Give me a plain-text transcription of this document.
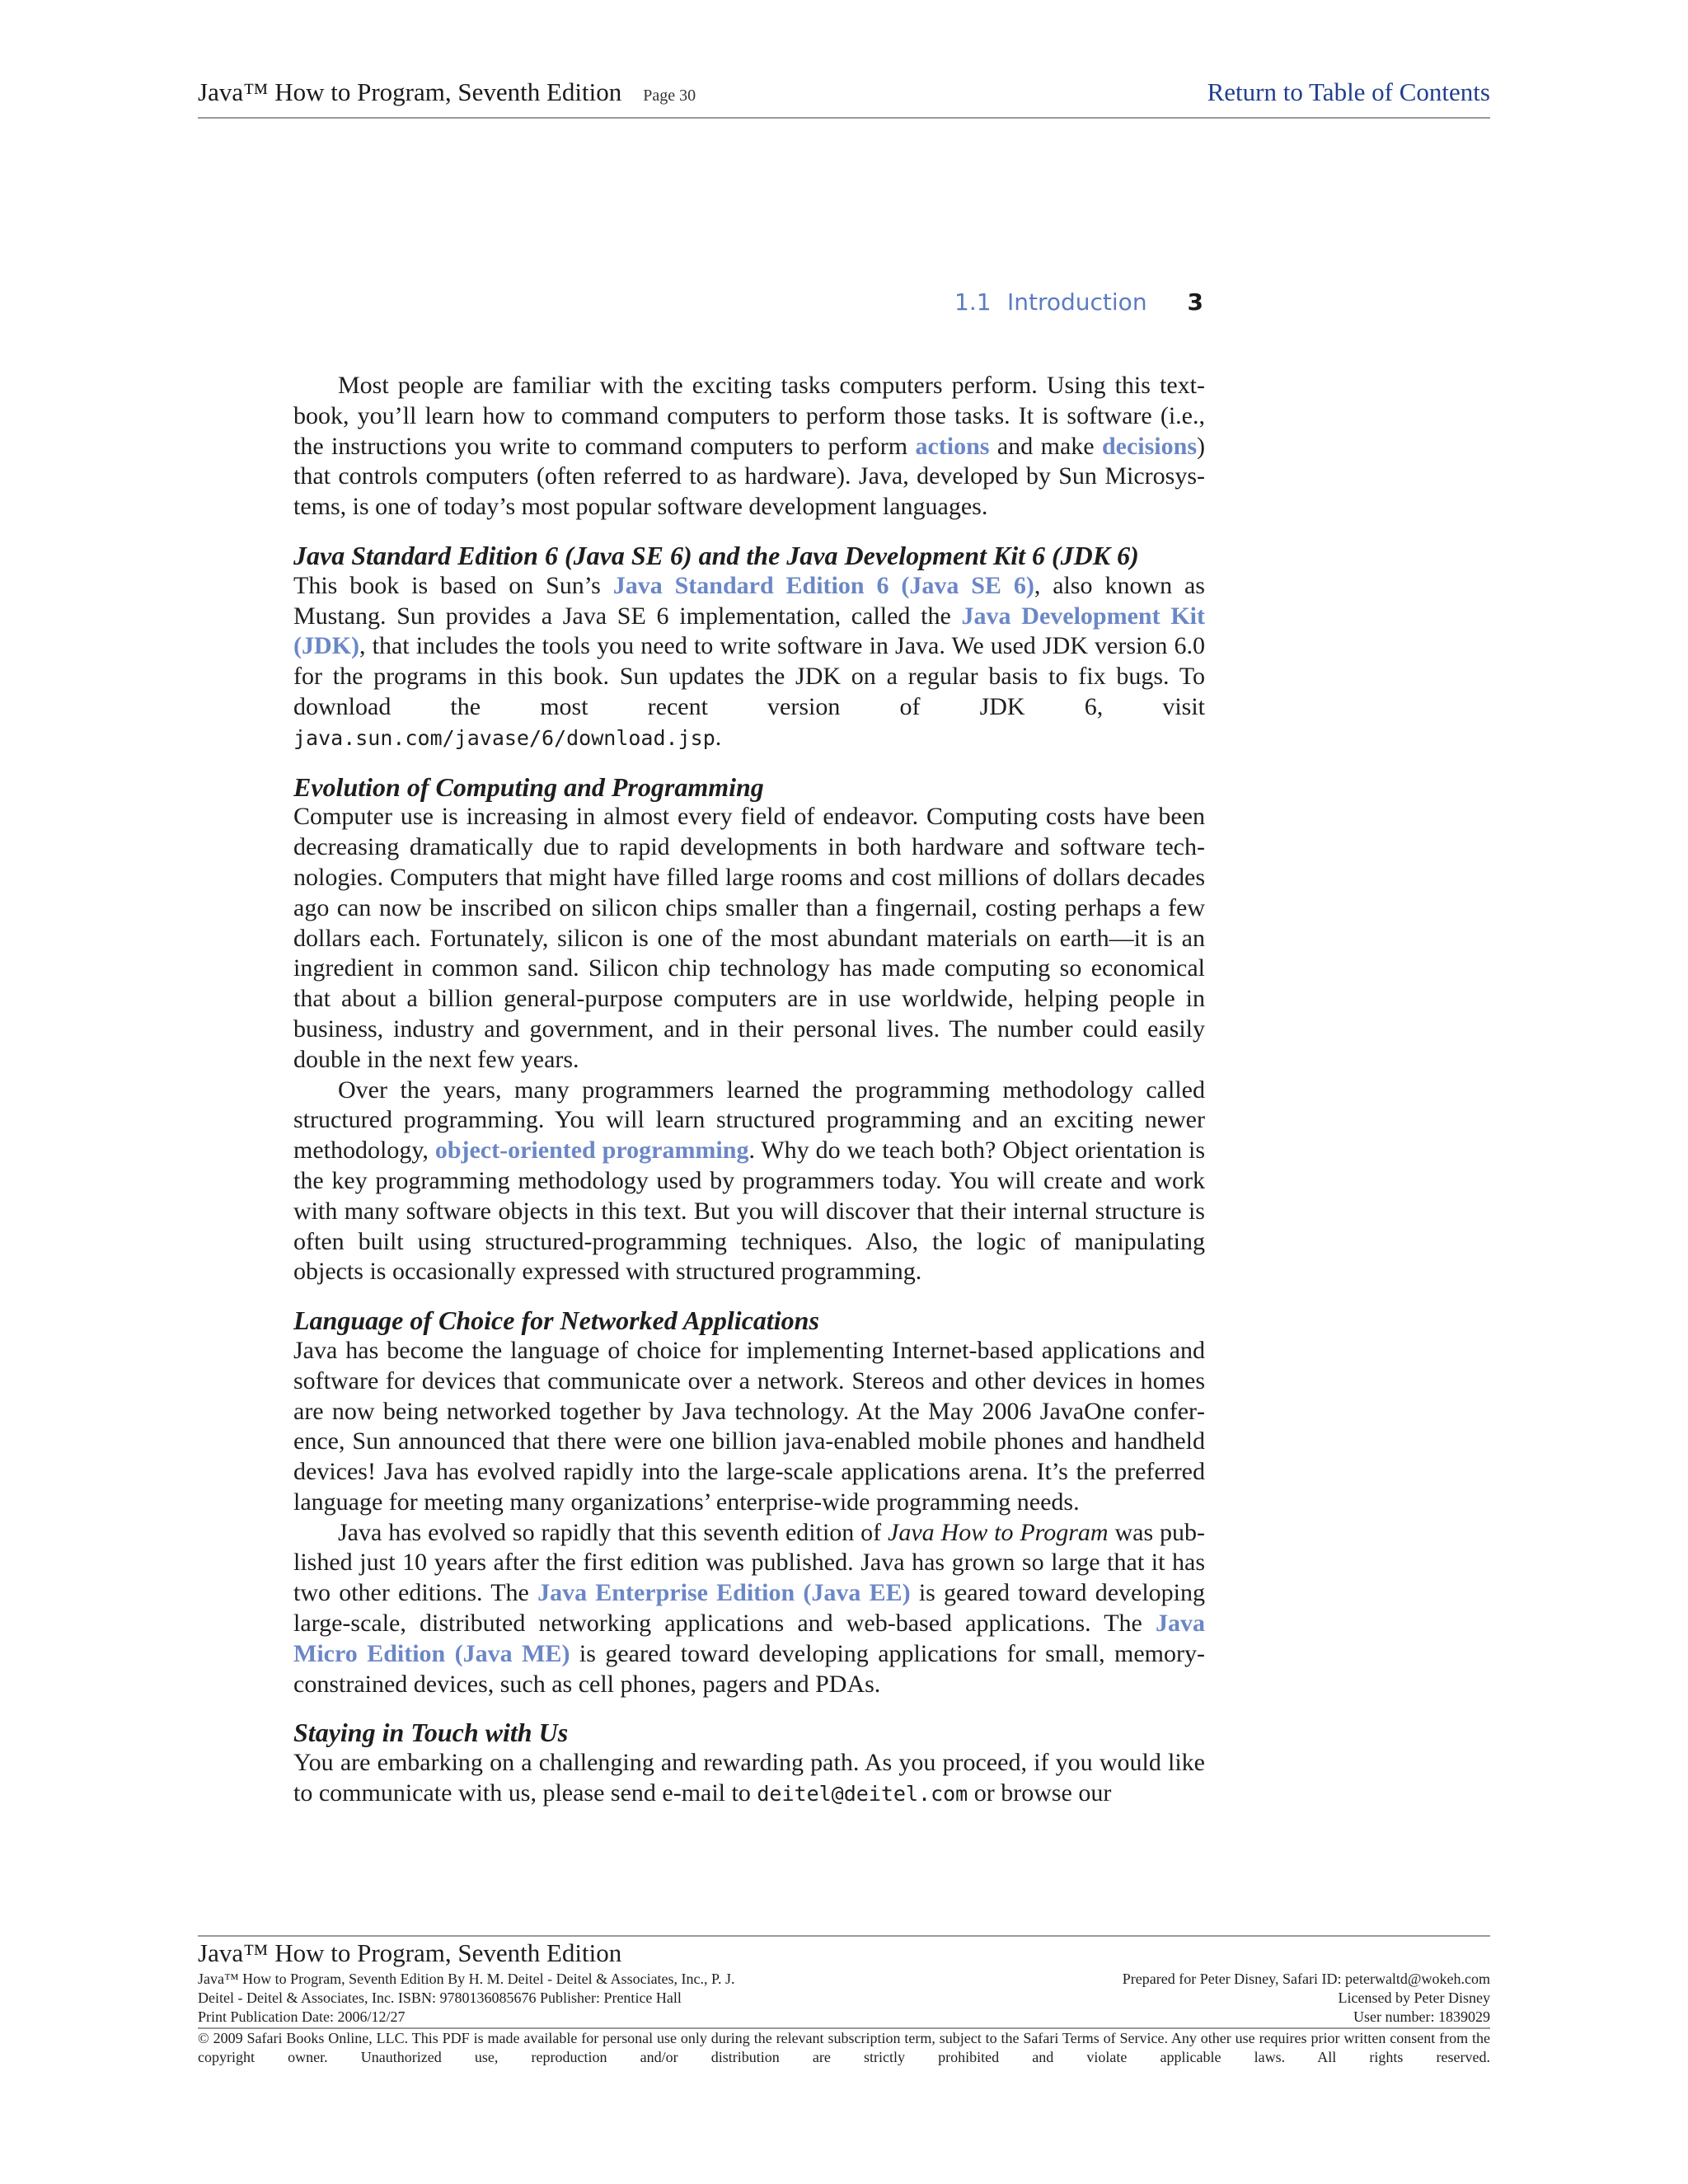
Java™ How to Program, Seventh Edition Page 30	Return to Table of Contents
1.1 Introduction 3

Most people are familiar with the exciting tasks computers perform. Using this textbook, you’ll learn how to command computers to perform those tasks. It is software (i.e., the instructions you write to command computers to perform actions and make decisions) that controls computers (often referred to as hardware). Java, developed by Sun Microsystems, is one of today’s most popular software development languages.

Java Standard Edition 6 (Java SE 6) and the Java Development Kit 6 (JDK 6)

This book is based on Sun’s Java Standard Edition 6 (Java SE 6), also known as Mustang. Sun provides a Java SE 6 implementation, called the Java Development Kit (JDK), that includes the tools you need to write software in Java. We used JDK version 6.0 for the programs in this book. Sun updates the JDK on a regular basis to fix bugs. To download the most recent version of JDK 6, visit java.sun.com/javase/6/download.jsp.

Evolution of Computing and Programming

Computer use is increasing in almost every field of endeavor. Computing costs have been decreasing dramatically due to rapid developments in both hardware and software technologies. Computers that might have filled large rooms and cost millions of dollars decades ago can now be inscribed on silicon chips smaller than a fingernail, costing perhaps a few dollars each. Fortunately, silicon is one of the most abundant materials on earth—it is an ingredient in common sand. Silicon chip technology has made computing so economical that about a billion general-purpose computers are in use worldwide, helping people in business, industry and government, and in their personal lives. The number could easily double in the next few years.

Over the years, many programmers learned the programming methodology called structured programming. You will learn structured programming and an exciting newer methodology, object-oriented programming. Why do we teach both? Object orientation is the key programming methodology used by programmers today. You will create and work with many software objects in this text. But you will discover that their internal structure is often built using structured-programming techniques. Also, the logic of manipulating objects is occasionally expressed with structured programming.

Language of Choice for Networked Applications

Java has become the language of choice for implementing Internet-based applications and software for devices that communicate over a network. Stereos and other devices in homes are now being networked together by Java technology. At the May 2006 JavaOne conference, Sun announced that there were one billion java-enabled mobile phones and handheld devices! Java has evolved rapidly into the large-scale applications arena. It’s the preferred language for meeting many organizations’ enterprise-wide programming needs.

Java has evolved so rapidly that this seventh edition of Java How to Program was published just 10 years after the first edition was published. Java has grown so large that it has two other editions. The Java Enterprise Edition (Java EE) is geared toward developing large-scale, distributed networking applications and web-based applications. The Java Micro Edition (Java ME) is geared toward developing applications for small, memory-constrained devices, such as cell phones, pagers and PDAs.

Staying in Touch with Us

You are embarking on a challenging and rewarding path. As you proceed, if you would like to communicate with us, please send e-mail to deitel@deitel.com or browse our

Java™ How to Program, Seventh Edition
Java™ How to Program, Seventh Edition By H. M. Deitel - Deitel & Associates, Inc., P. J.	Prepared for Peter Disney, Safari ID: peterwaltd@wokeh.com
Deitel - Deitel & Associates, Inc. ISBN: 9780136085676 Publisher: Prentice Hall	Licensed by Peter Disney
Print Publication Date: 2006/12/27	User number: 1839029
© 2009 Safari Books Online, LLC. This PDF is made available for personal use only during the relevant subscription term, subject to the Safari Terms of Service. Any other use requires prior written consent from the copyright owner. Unauthorized use, reproduction and/or distribution are strictly prohibited and violate applicable laws. All rights reserved.
